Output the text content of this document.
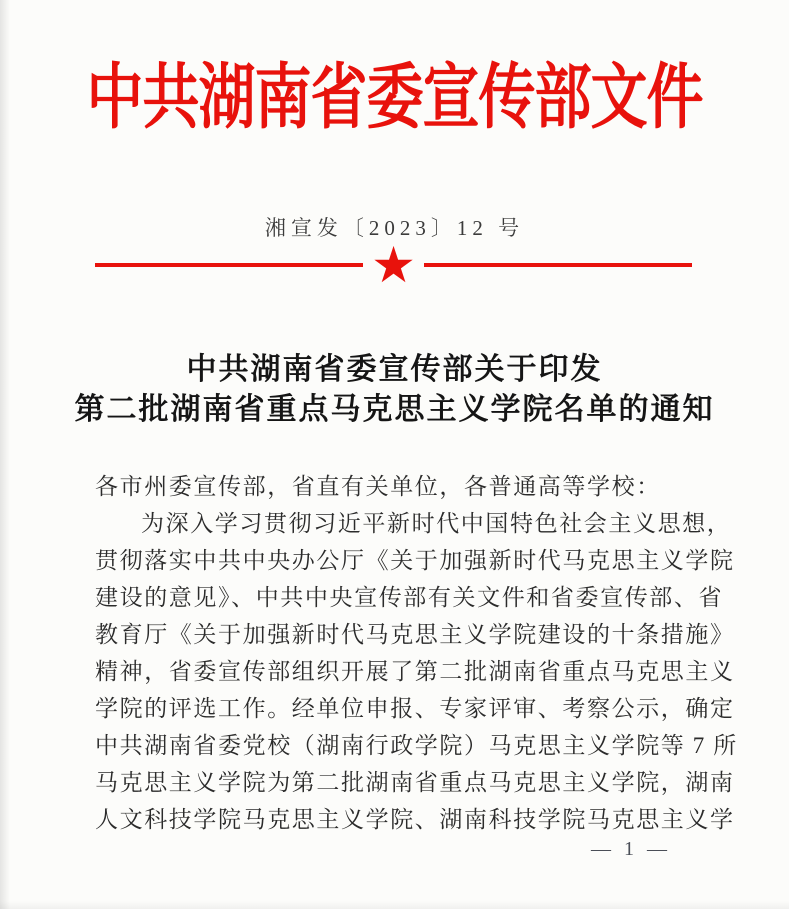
中共湖南省委宣传部文件
湘宣发〔2023〕12 号
★
中共湖南省委宣传部关于印发
第二批湖南省重点马克思主义学院名单的通知
各市州委宣传部，省直有关单位，各普通高等学校：
为深入学习贯彻习近平新时代中国特色社会主义思想，
贯彻落实中共中央办公厅《关于加强新时代马克思主义学院
建设的意见》、中共中央宣传部有关文件和省委宣传部、省
教育厅《关于加强新时代马克思主义学院建设的十条措施》
精神，省委宣传部组织开展了第二批湖南省重点马克思主义
学院的评选工作。经单位申报、专家评审、考察公示，确定
中共湖南省委党校（湖南行政学院）马克思主义学院等 7 所
马克思主义学院为第二批湖南省重点马克思主义学院，湖南
人文科技学院马克思主义学院、湖南科技学院马克思主义学
— 1 —
